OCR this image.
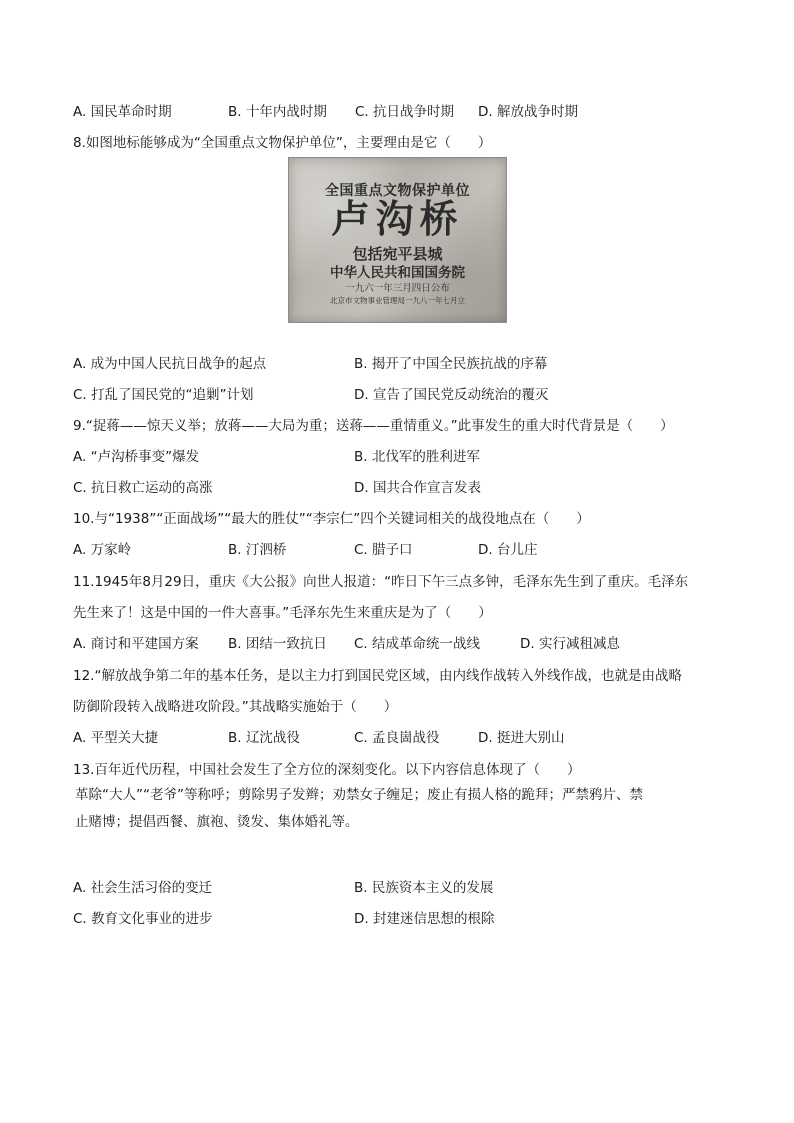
A. 国民革命时期	B. 十年内战时期 C. 抗日战争时期 D. 解放战争时期
8.如图地标能够成为“全国重点文物保护单位”，主要理由是它（　　）
全国重点文物保护单位
卢沟桥
包括宛平县城
中华人民共和国国务院
一九六一年三月四日公布
北京市文物事业管理局一九八一年七月立
A. 成为中国人民抗日战争的起点	B. 揭开了中国全民族抗战的序幕
C. 打乱了国民党的“追剿”计划	D. 宣告了国民党反动统治的覆灭
9.“捉蒋——惊天义举；放蒋——大局为重；送蒋——重情重义。”此事发生的重大时代背景是（　　）
A. “卢沟桥事变”爆发	B. 北伐军的胜利进军
C. 抗日救亡运动的高涨	D. 国共合作宣言发表
10.与“1938”“正面战场”“最大的胜仗”“李宗仁”四个关键词相关的战役地点在（　　）
A. 万家岭	B. 汀泗桥	C. 腊子口	D. 台儿庄
11.1945年8月29日，重庆《大公报》向世人报道：“昨日下午三点多钟，毛泽东先生到了重庆。毛泽东
先生来了！这是中国的一件大喜事。”毛泽东先生来重庆是为了（　　）
A. 商讨和平建国方案 B. 团结一致抗日 C. 结成革命统一战线	D. 实行减租减息
12.“解放战争第二年的基本任务，是以主力打到国民党区域，由内线作战转入外线作战，也就是由战略
防御阶段转入战略进攻阶段。”其战略实施始于（　　）
A. 平型关大捷	B. 辽沈战役	C. 孟良崮战役	D. 挺进大别山
13.百年近代历程，中国社会发生了全方位的深刻变化。以下内容信息体现了（　　）
革除“大人”“老爷”等称呼；剪除男子发辫；劝禁女子缠足；废止有损人格的跪拜；严禁鸦片、禁
止赌博；提倡西餐、旗袍、烫发、集体婚礼等。
A. 社会生活习俗的变迁	B. 民族资本主义的发展
C. 教育文化事业的进步	D. 封建迷信思想的根除
